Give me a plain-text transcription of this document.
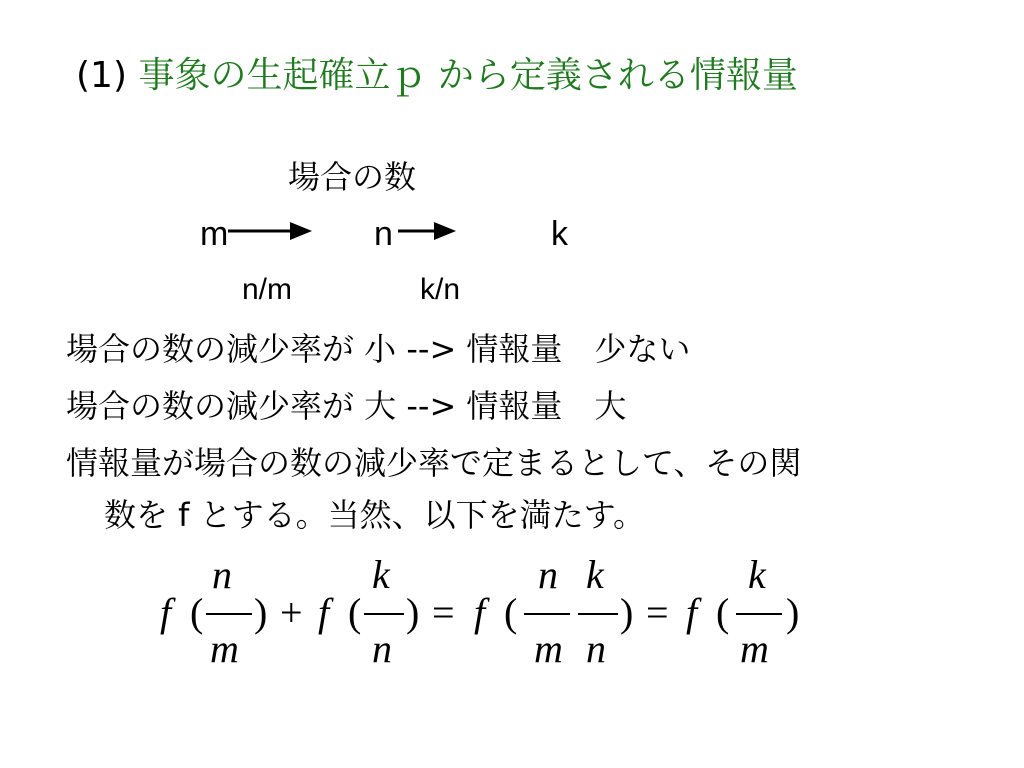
(1) 事象の生起確立ｐ から定義される情報量
場合の数
m	n	k
n/m	k/n
場合の数の減少率が 小 --> 情報量　少ない
場合の数の減少率が 大 --> 情報量　大
情報量が場合の数の減少率で定まるとして、その関
数を f とする。当然、以下を満たす。
f (
n
m
) + f (
k
n
) = f (
n
m
k
n
) = f (
k
m
)
